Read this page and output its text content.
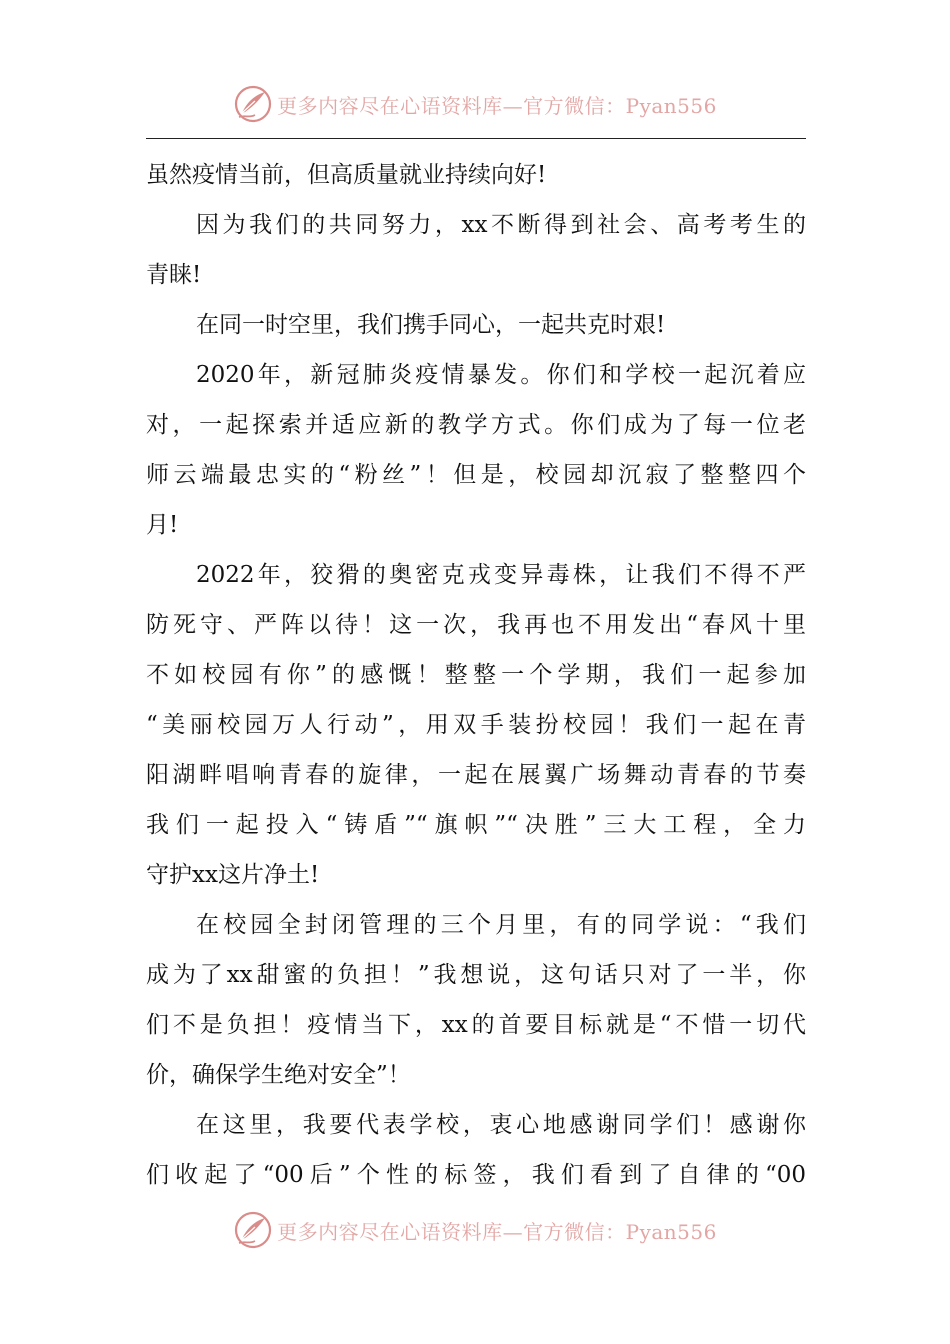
更多内容尽在心语资料库—官方微信：Pyan556
虽然疫情当前，但高质量就业持续向好!
因为我们的共同努力，xx不断得到社会、高考考生的
青睐!
在同一时空里，我们携手同心，一起共克时艰!
2020年，新冠肺炎疫情暴发。你们和学校一起沉着应
对，一起探索并适应新的教学方式。你们成为了每一位老
师云端最忠实的“粉丝”！但是，校园却沉寂了整整四个
月!
2022年，狡猾的奥密克戎变异毒株，让我们不得不严
防死守、严阵以待！这一次，我再也不用发出“春风十里
不如校园有你”的感慨！整整一个学期，我们一起参加
“美丽校园万人行动”，用双手装扮校园！我们一起在青
阳湖畔唱响青春的旋律，一起在展翼广场舞动青春的节奏
我们一起投入“铸盾”“旗帜”“决胜”三大工程，全力
守护xx这片净土!
在校园全封闭管理的三个月里，有的同学说：“我们
成为了xx甜蜜的负担！”我想说，这句话只对了一半，你
们不是负担！疫情当下，xx的首要目标就是“不惜一切代
价，确保学生绝对安全”！
在这里，我要代表学校，衷心地感谢同学们！感谢你
们收起了“00后”个性的标签，我们看到了自律的“00
更多内容尽在心语资料库—官方微信：Pyan556
